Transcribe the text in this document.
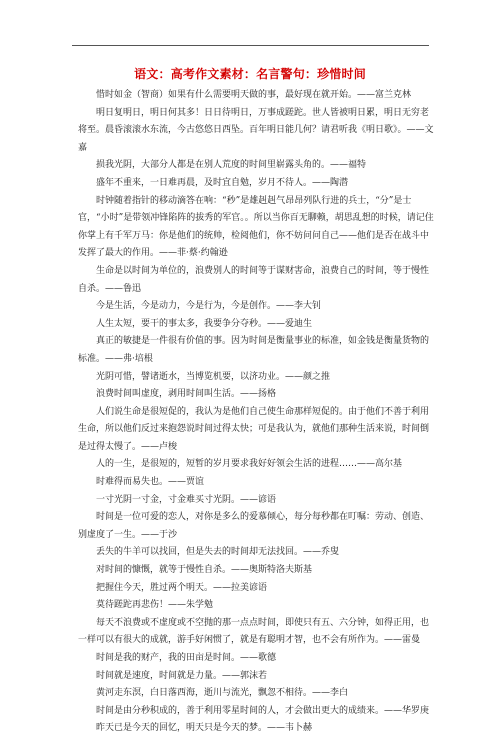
语文：高考作文素材：名言警句：珍惜时间

惜时如金（智商）如果有什么需要明天做的事，最好现在就开始。——富兰克林

明日复明日，明日何其多！日日待明日，万事成蹉跎。世人皆被明日累，明日无穷老将至。晨昏滚滚水东流，今古悠悠日西坠。百年明日能几何？请君听我《明日歌》。——文嘉

损我光阴，大部分人都是在别人荒度的时间里崭露头角的。——福特

盛年不重来，一日难再晨，及时宜自勉，岁月不待人。——陶潜

时钟随着指针的移动滴答在响：“秒”是雄赳赳气昂昂列队行进的兵士，“分”是士官，“小时”是带领冲锋陷阵的拔秀的军官。。所以当你百无聊赖，胡思乱想的时候，请记住你掌上有千军万马：你是他们的统帅，检阅他们，你不妨问问自己——他们是否在战斗中发挥了最大的作用。——菲·蔡·约翰逊

生命是以时间为单位的，浪费别人的时间等于谋财害命，浪费自己的时间，等于慢性自杀。——鲁迅

今是生活，今是动力，今是行为，今是创作。——李大钊

人生太短，要干的事太多，我要争分夺秒。——爱迪生

真正的敏捷是一件很有价值的事。因为时间是衡量事业的标准，如金钱是衡量货物的标准。——弗·培根

光阴可惜，譬诸逝水，当博览机要，以济功业。——颜之推

浪费时间叫虚度，剥用时间叫生活。——扬格

人们说生命是很短促的，我认为是他们自己使生命那样短促的。由于他们不善于利用生命，所以他们反过来抱怨说时间过得太快；可是我认为，就他们那种生活来说，时间倒是过得太慢了。——卢梭

人的一生，是很短的，短暂的岁月要求我好好领会生活的进程……——高尔基

时难得而易失也。——贾谊

一寸光阴一寸金，寸金难买寸光阴。——谚语

时间是一位可爱的恋人，对你是多么的爱慕倾心，每分每秒都在叮嘱：劳动、创造、别虚度了一生。——于沙

丢失的牛羊可以找回，但是失去的时间却无法找回。——乔叟

对时间的慷慨，就等于慢性自杀。——奥斯特洛夫斯基

把握住今天，胜过两个明天。——拉美谚语

莫待蹉跎再悲伤！——朱学勉

每天不浪费或不虚度或不空抛的那一点点时间，即使只有五、六分钟，如得正用，也一样可以有很大的成就，游手好闲惯了，就是有聪明才智，也不会有所作为。——雷曼

时间是我的财产，我的田亩是时间。——歌德

时间就是速度，时间就是力量。——郭沫若

黄河走东溟，白日落西海，逝川与流光，飘忽不相待。——李白

时间是由分秒积成的，善于利用零星时间的人，才会做出更大的成绩来。——华罗庚

昨天已是今天的回忆，明天只是今天的梦。——韦卜赫
